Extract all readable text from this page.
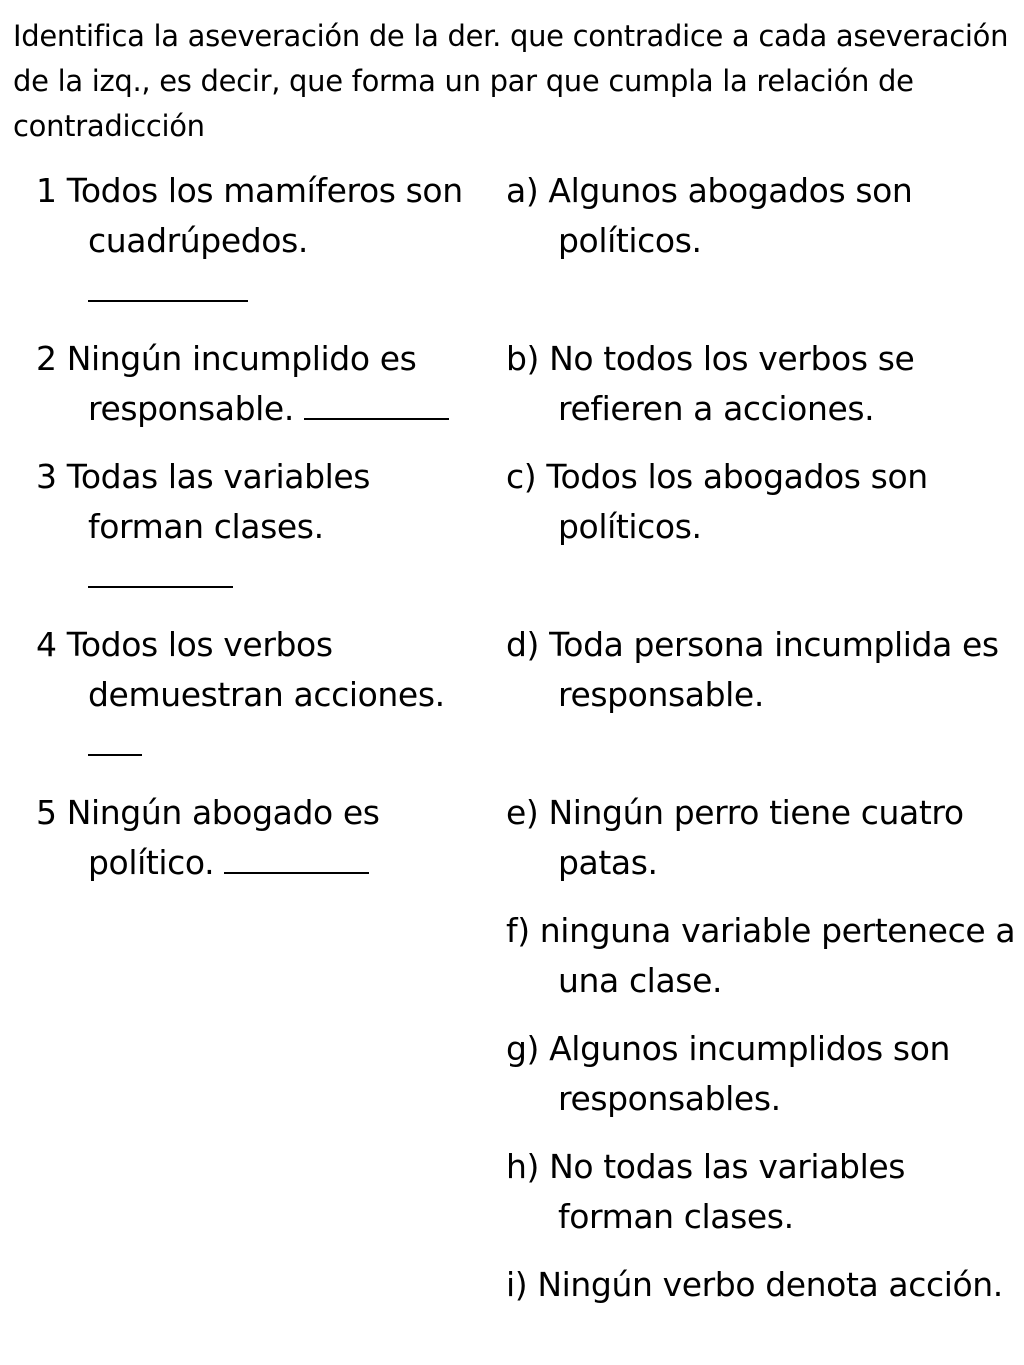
Identifica la aseveración de la der. que contradice a cada aseveración de la izq., es decir, que forma un par que cumpla la relación de contradicción
1 Todos los mamíferos son cuadrúpedos.

2 Ningún incumplido es responsable.
3 Todas las variables forman clases.

4 Todos los verbos demuestran acciones.

5 Ningún abogado es político.
a) Algunos abogados son políticos.
b) No todos los verbos se refieren a acciones.
c) Todos los abogados son políticos.
d) Toda persona incumplida es responsable.
e) Ningún perro tiene cuatro patas.
f) ninguna variable pertenece a una clase.
g) Algunos incumplidos son responsables.
h) No todas las variables forman clases.
i) Ningún verbo denota acción.
